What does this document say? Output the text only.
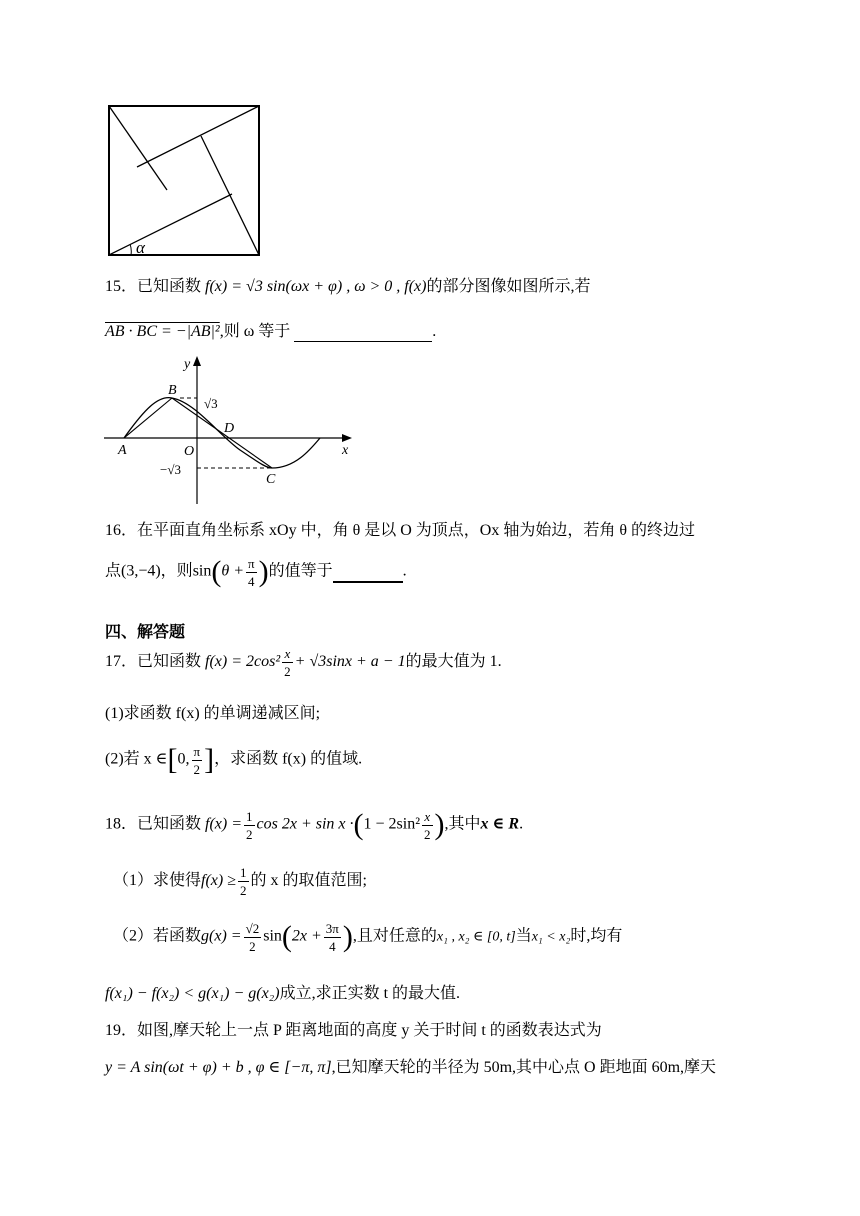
α
15．已知函数 f(x) = √3 sin(ωx + φ) , ω > 0 , f(x)的部分图像如图所示,若
AB · BC = −|AB|²,则 ω 等于	.
y
x
B
A	O
D
C
√3
−√3
16．在平面直角坐标系 xOy 中，角 θ 是以 O 为顶点，Ox 轴为始边，若角 θ 的终边过
点(3,−4)，则$\sin(\theta + \frac{\pi}{4}$ )的值等于	.
四、解答题
17．已知函数 $f(x) = 2\cos^2 \frac{x}{2} + √3\sin x + a - 1$的最大值为 1.
(1)求函数 f(x) 的单调递减区间;
(2)若 x ∈[0, $\frac{\pi}{2}$ ]，求函数 f(x) 的值域.
18．已知函数 $f(x) = \frac{1}{2}$ $\cos 2x + \sin x \cdot(1 - 2\sin^2 \frac{x}{2}$ ),其中x ∈ R.
（1）求使得$f(x) \ge \frac{1}{2}$ 的 x 的取值范围;
（2）若函数$g(x) = \frac{√2}{2} \sin(2x + \frac{3\pi}{4}$ ),且对任意的x₁ , x₂ ∈ [0, t]当x₁ < x₂时,均有
f(x₁) − f(x₂) < g(x₁) − g(x₂)成立,求正实数 t 的最大值.
19．如图,摩天轮上一点 P 距离地面的高度 y 关于时间 t 的函数表达式为
y = A sin(ωt + φ) + b , φ ∈ [−π, π],已知摩天轮的半径为 50m,其中心点 O 距地面 60m,摩天
